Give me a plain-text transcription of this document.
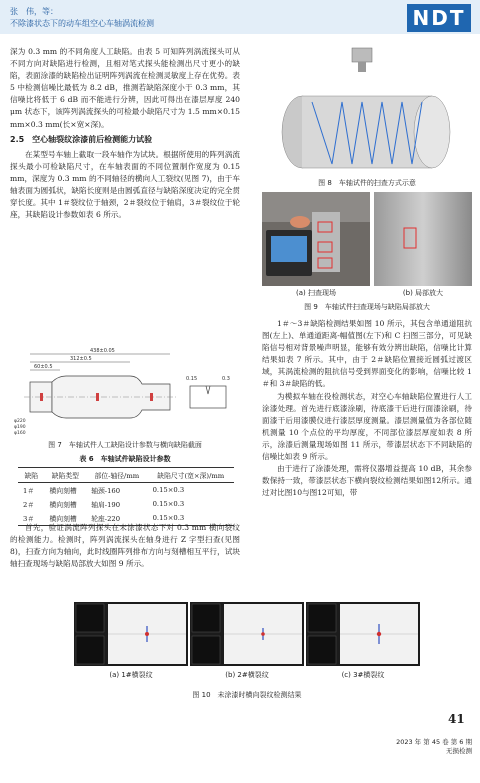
张　伟，等：
不除漆状态下的动车组空心车轴涡流检测	NDT

深为 0.3 mm 的不同角度人工缺陷。由表 5 可知阵列涡流探头可从不同方向对缺陷进行检测，且相对笔式探头能检测出尺寸更小的缺陷，表面涂漆的缺陷检出证明阵列涡流在检测灵敏度上存在优势。表 5 中检测信噪比最低为 8.2 dB，推测若缺陷深度小于 0.3 mm，其信噪比将低于 6 dB 而不能进行分辨，因此可得出在漆层厚度 240 μm 状态下，该阵列涡流探头的可检最小缺陷尺寸为 1.5 mm×0.15 mm×0.3 mm(长×宽×深)。

2.5　空心轴裂纹涂漆前后检测能力试验

在某型号车轴上截取一段车轴作为试块。根据所使用的阵列涡流探头最小可检缺陷尺寸，在车轴表面的不同位置制作宽度为 0.15 mm，深度为 0.3 mm 的不同轴径的横向人工裂纹(见图 7)，由于车轴表面为圆弧状，缺陷长度则是由圆弧直径与缺陷深度决定的完全贯穿长度。其中 1＃裂纹位于轴颈，2＃裂纹位于轴肩，3＃裂纹位于轮座，其缺陷设计参数如表 6 所示。

438±0.05
312±0.5
60±0.5
φ220
φ190
φ160
0.15	0.3
图 7　车轴试件人工缺陷设计参数与横向缺陷截面
表 6　车轴试件缺陷设计参数
缺陷	缺陷类型	部位-轴径/mm	缺陷尺寸(宽×深)/mm
1＃	横向刻槽	轴颈-160	0.15×0.3
2＃	横向刻槽	轴肩-190	0.15×0.3
3＃	横向刻槽	轮座-220	0.15×0.3

首先，验证涡流阵列探头在未涂漆状态下对 0.3 mm 横向裂纹的检测能力。检测时，阵列涡流探头在轴身进行 Z 字型扫查(见图 8)，扫查方向为轴向，此时线圈阵列排布方向与刻槽相互平行，试块轴扫查现场与缺陷局部放大如图 9 所示。

图 8　车轴试件的扫查方式示意
(a) 扫查现场	(b) 局部放大
图 9　车轴试件扫查现场与缺陷局部放大

1＃～3＃缺陷检测结果如图 10 所示，其包含单通道阻抗图(左上)、单通道距离-幅值图(左下)和 C 扫图三部分，可见缺陷信号相对背景噪声明显，能够有效分辨出缺陷，信噪比计算结果如表 7 所示。其中，由于 2＃缺陷位置接近圆弧过渡区域，其涡流检测的阻抗信号受到界面变化的影响，信噪比较 1＃和 3＃缺陷的低。

为模拟车轴在役检测状态，对空心车轴缺陷位置进行人工涂漆处理。首先进行底漆涂刷，待底漆干后进行面漆涂刷，待面漆干后用漆膜仪进行漆层厚度测量。漆层测量值为各部位随机测量 10 个点位的平均厚度，不同部位漆层厚度如表 8 所示，涂漆后测量现场如图 11 所示，带漆层状态下不同缺陷的信噪比如表 9 所示。

由于进行了涂漆处理，需将仪器增益提高 10 dB，其余参数保持一致，带漆层状态下横向裂纹检测结果如图12所示。通过对比图10与图12可知，带

(a) 1#横裂纹	(b) 2#横裂纹	(c) 3#横裂纹
图 10　未涂漆时横向裂纹检测结果
41
2023 年 第 45 卷 第 6 期
无损检测
